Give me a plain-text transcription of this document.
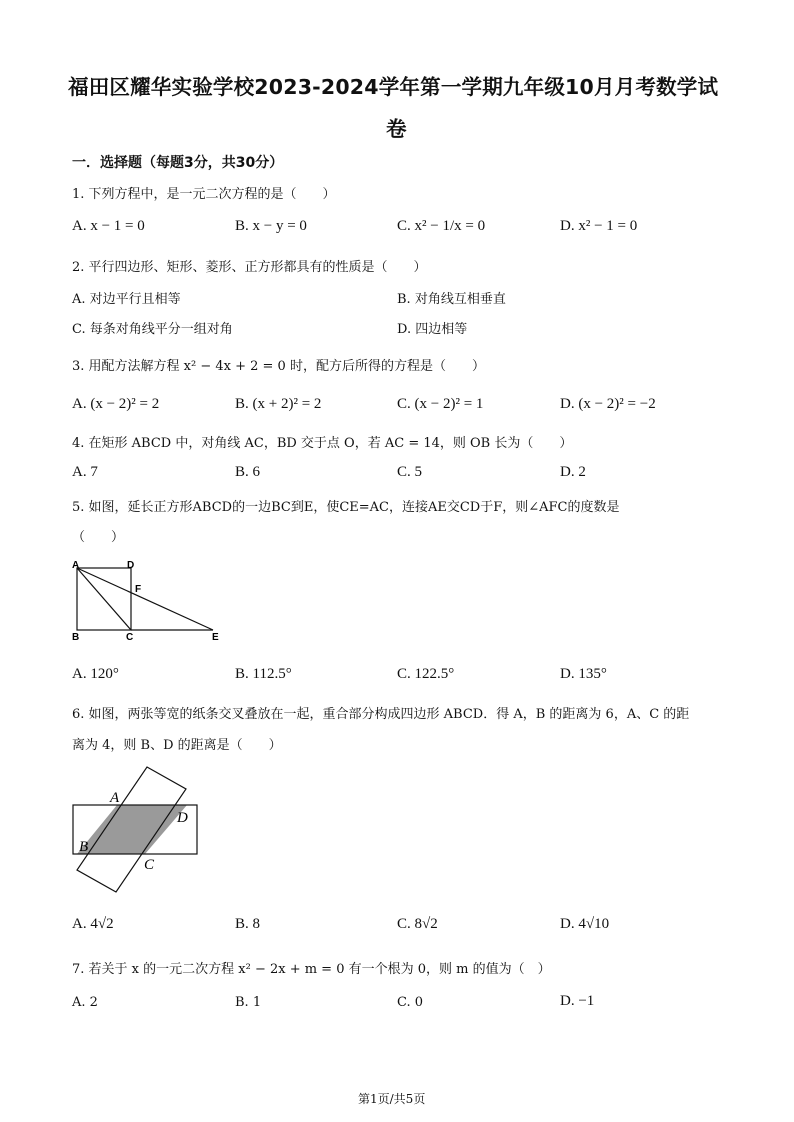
福田区耀华实验学校2023-2024学年第一学期九年级10月月考数学试
卷
一．选择题（每题3分，共30分）
1. 下列方程中，是一元二次方程的是（　　）
A. x − 1 = 0	B. x − y = 0	C. x² − 1/x = 0	D. x² − 1 = 0
2. 平行四边形、矩形、菱形、正方形都具有的性质是（　　）
A. 对边平行且相等	B. 对角线互相垂直
C. 每条对角线平分一组对角	D. 四边相等
3. 用配方法解方程 x² − 4x + 2 = 0 时，配方后所得的方程是（　　）
A. (x − 2)² = 2	B. (x + 2)² = 2	C. (x − 2)² = 1	D. (x − 2)² = −2
4. 在矩形 ABCD 中，对角线 AC，BD 交于点 O，若 AC = 14，则 OB 长为（　　）
A. 7	B. 6	C. 5	D. 2
5. 如图，延长正方形ABCD的一边BC到E，使CE=AC，连接AE交CD于F，则∠AFC的度数是
（　　）
A	D
F
B	C	E
A. 120°	B. 112.5°	C. 122.5°	D. 135°
6. 如图，两张等宽的纸条交叉叠放在一起，重合部分构成四边形 ABCD．得 A，B 的距离为 6，A、C 的距
离为 4，则 B、D 的距离是（　　）
A
D
B
C
A. 4√2	B. 8	C. 8√2	D. 4√10
7. 若关于 x 的一元二次方程 x² − 2x + m = 0 有一个根为 0，则 m 的值为（　）
A. 2	B. 1	C. 0	D. −1
第1页/共5页
